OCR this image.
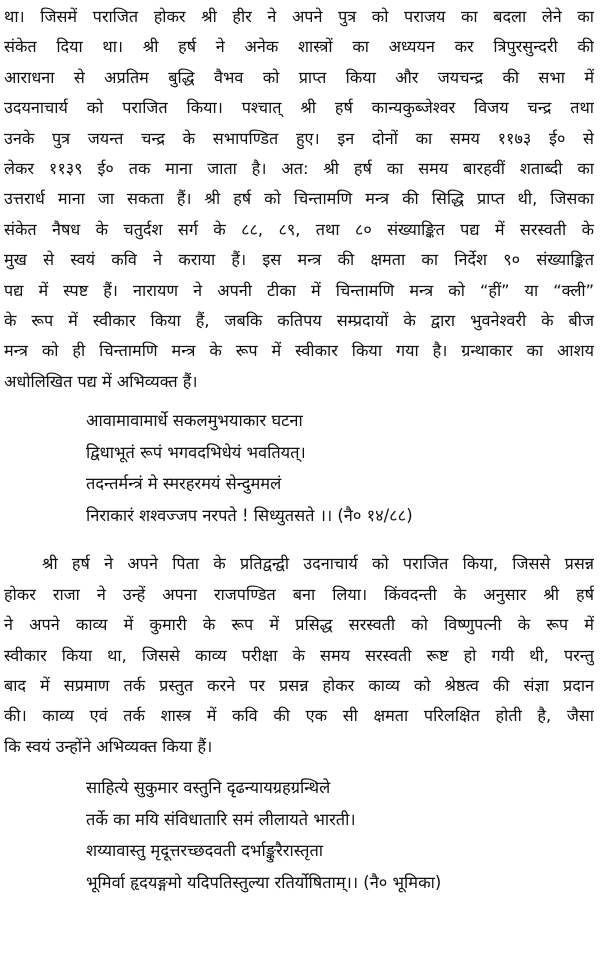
था। जिसमें पराजित होकर श्री हीर ने अपने पुत्र को पराजय का बदला लेने का
संकेत दिया था। श्री हर्ष ने अनेक शास्त्रों का अध्ययन कर त्रिपुरसुन्दरी की
आराधना से अप्रतिम बुद्धि वैभव को प्राप्त किया और जयचन्द्र की सभा में
उदयनाचार्य को पराजित किया। पश्चात् श्री हर्ष कान्यकुब्जेश्वर विजय चन्द्र तथा
उनके पुत्र जयन्त चन्द्र के सभापण्डित हुए। इन दोनों का समय ११७३ ई० से
लेकर ११३९ ई० तक माना जाता है। अत: श्री हर्ष का समय बारहवीं शताब्दी का
उत्तरार्ध माना जा सकता हैं। श्री हर्ष को चिन्तामणि मन्त्र की सिद्धि प्राप्त थी, जिसका
संकेत नैषध के चतुर्दश सर्ग के ८८, ८९, तथा ८० संख्याङ्कित पद्य में सरस्वती के
मुख से स्वयं कवि ने कराया हैं। इस मन्त्र की क्षमता का निर्देश ९० संख्याङ्कित
पद्य में स्पष्ट हैं। नारायण ने अपनी टीका में चिन्तामणि मन्त्र को “हीं” या “क्ली”
के रूप में स्वीकार किया हैं, जबकि कतिपय सम्प्रदायों के द्वारा भुवनेश्वरी के बीज
मन्त्र को ही चिन्तामणि मन्त्र के रूप में स्वीकार किया गया है। ग्रन्थाकार का आशय
अधोलिखित पद्य में अभिव्यक्त हैं।
आवामावामार्धे सकलमुभयाकार घटना
द्विधाभूतं रूपं भगवदभिधेयं भवतियत्।
तदन्तर्मन्त्रं मे स्मरहरमयं सेन्दुममलं
निराकारं शश्वज्जप नरपते ! सिध्युतसते ।। (नै० १४/८८)
श्री हर्ष ने अपने पिता के प्रतिद्वन्द्वी उदनाचार्य को पराजित किया, जिससे प्रसन्न
होकर राजा ने उन्हें अपना राजपण्डित बना लिया। किंवदन्ती के अनुसार श्री हर्ष
ने अपने काव्य में कुमारी के रूप में प्रसिद्ध सरस्वती को विष्णुपत्नी के रूप में
स्वीकार किया था, जिससे काव्य परीक्षा के समय सरस्वती रूष्ट हो गयी थी, परन्तु
बाद में सप्रमाण तर्क प्रस्तुत करने पर प्रसन्न होकर काव्य को श्रेष्ठत्व की संज्ञा प्रदान
की। काव्य एवं तर्क शास्त्र में कवि की एक सी क्षमता परिलक्षित होती है, जैसा
कि स्वयं उन्होंने अभिव्यक्त किया हैं।
साहित्ये सुकुमार वस्तुनि दृढन्यायग्रहग्रन्थिले
तर्के का मयि संविधातारि समं लीलायते भारती।
शय्यावास्तु मृदूत्तरच्छदवती दर्भाङ्कुरैरास्तृता
भूमिर्वा हृदयङ्गमो यदिपतिस्तुल्या रतिर्योषिताम्।। (नै० भूमिका)
